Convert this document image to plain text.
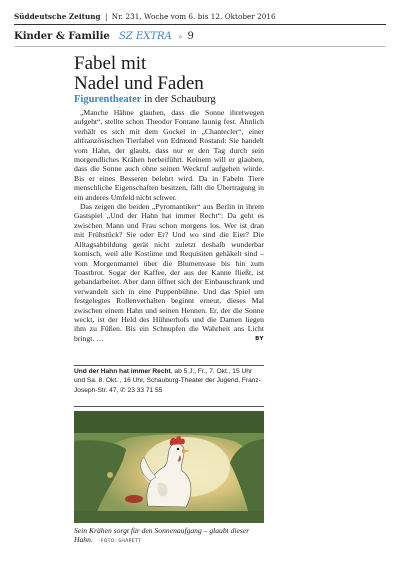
Süddeutsche Zeitung | Nr. 231, Woche vom 6. bis 12. Oktober 2016
Kinder & Familie SZ EXTRA » 9
Fabel mit
Nadel und Faden
Figurentheater in der Schauburg

„Manche Hähne glauben, dass die Sonne ihretwegen aufgeht“, stellte schon Theodor Fontane launig fest. Ähnlich verhält es sich mit dem Gockel in „Chantecler“, einer altfranzösischen Tierfabel von Edmond Rostand: Sie handelt vom Hahn, der glaubt, dass nur er den Tag durch sein morgendliches Krähen herbeiführt. Keinem will er glauben, dass die Sonne auch ohne seinen Weckruf aufgehen würde. Bis er eines Besseren belehrt wird. Da in Fabeln Tiere menschliche Eigenschaften besitzen, fällt die Übertragung in ein anderes Umfeld nicht schwer.

Das zeigen die beiden „Pyromantiker“ aus Berlin in ihrem Gastspiel „Und der Hahn hat immer Recht“: Da geht es zwischen Mann und Frau schon morgens los. Wer ist dran mit Frühstück? Sie oder Er? Und wo sind die Eier? Die Alltagsabbildung gerät nicht zuletzt deshalb wunderbar komisch, weil alle Kostüme und Requisiten gehäkelt sind – vom Morgenmantel über die Blumenvase bis hin zum Toastbrot. Sogar der Kaffee, der aus der Kanne fließt, ist gehandarbeitet. Aber dann öffnet sich der Einbauschrank und verwandelt sich in eine Puppenbühne. Und das Spiel um festgelegtes Rollenverhalten beginnt erneut, dieses Mal zwischen einem Hahn und seinen Hennen. Er, der die Sonne weckt, ist der Held des Hühnerhofs und die Damen liegen ihm zu Füßen. Bis ein Schnupfen die Wahrheit ans Licht bringt. …	BY

Und der Hahn hat immer Recht, ab 5 J., Fr., 7. Okt., 15 Uhr und Sa. 8. Okt. , 16 Uhr, Schauburg-Theater der Jugend, Franz-Joseph-Str. 47, ✆ 23 33 71 55
Sein Krähen sorgt für den Sonnenaufgang – glaubt dieser Hahn. FOTO: SHAPETT
